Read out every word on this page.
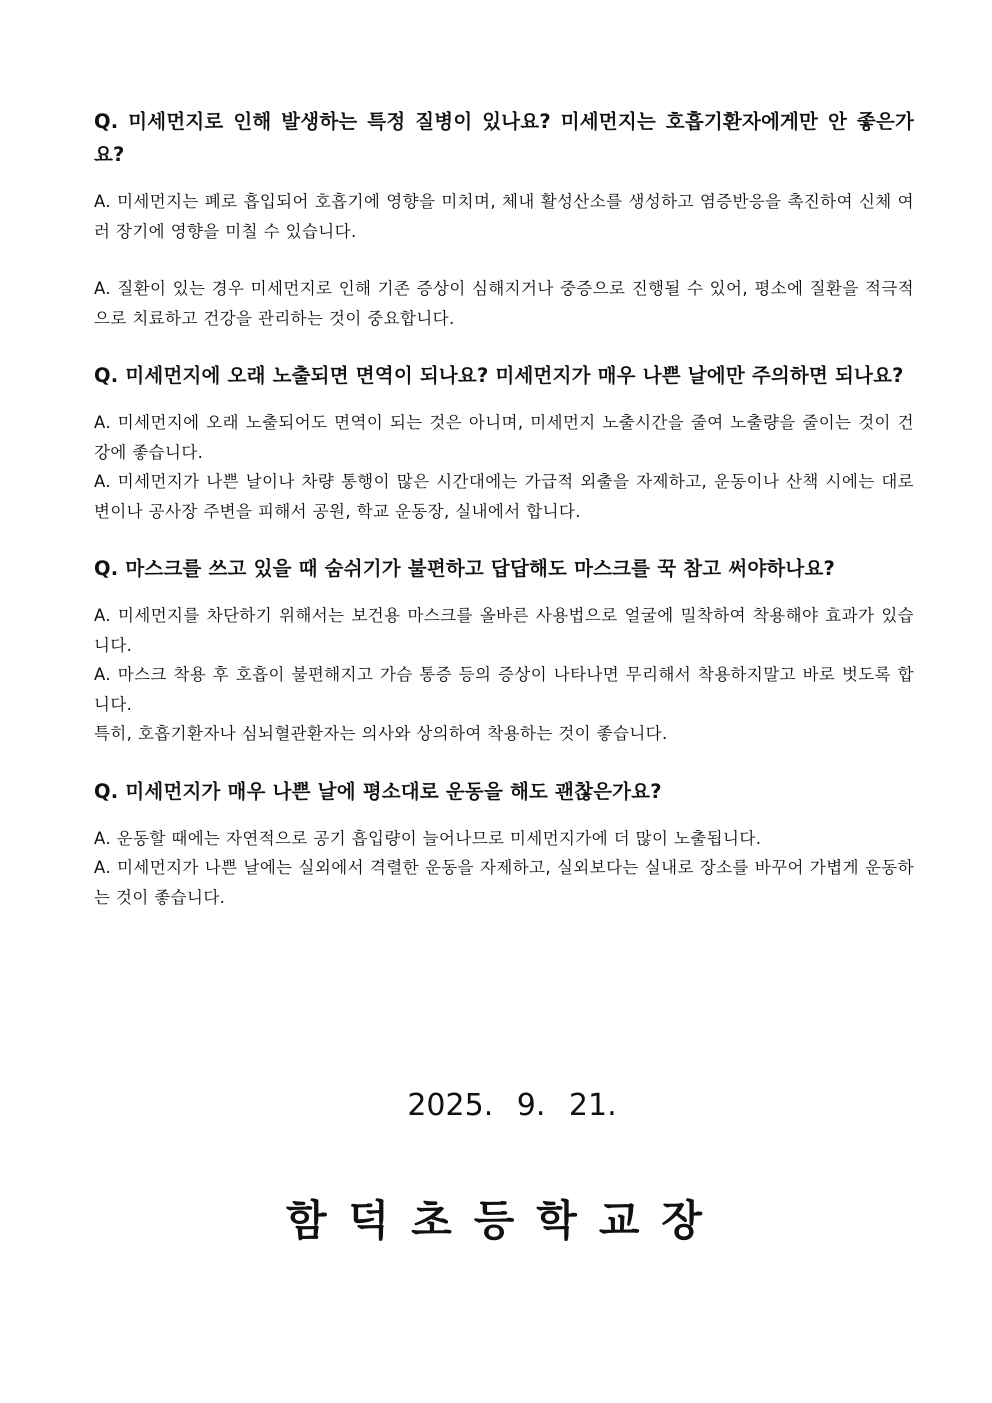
Q. 미세먼지로 인해 발생하는 특정 질병이 있나요? 미세먼지는 호흡기환자에게만 안 좋은가요?

A. 미세먼지는 폐로 흡입되어 호흡기에 영향을 미치며, 체내 활성산소를 생성하고 염증반응을 촉진하여 신체 여러 장기에 영향을 미칠 수 있습니다.

A. 질환이 있는 경우 미세먼지로 인해 기존 증상이 심해지거나 중증으로 진행될 수 있어, 평소에 질환을 적극적으로 치료하고 건강을 관리하는 것이 중요합니다.

Q. 미세먼지에 오래 노출되면 면역이 되나요? 미세먼지가 매우 나쁜 날에만 주의하면 되나요?

A. 미세먼지에 오래 노출되어도 면역이 되는 것은 아니며, 미세먼지 노출시간을 줄여 노출량을 줄이는 것이 건강에 좋습니다.

A. 미세먼지가 나쁜 날이나 차량 통행이 많은 시간대에는 가급적 외출을 자제하고, 운동이나 산책 시에는 대로변이나 공사장 주변을 피해서 공원, 학교 운동장, 실내에서 합니다.

Q. 마스크를 쓰고 있을 때 숨쉬기가 불편하고 답답해도 마스크를 꾹 참고 써야하나요?

A. 미세먼지를 차단하기 위해서는 보건용 마스크를 올바른 사용법으로 얼굴에 밀착하여 착용해야 효과가 있습니다.

A. 마스크 착용 후 호흡이 불편해지고 가슴 통증 등의 증상이 나타나면 무리해서 착용하지말고 바로 벗도록 합니다.

특히, 호흡기환자나 심뇌혈관환자는 의사와 상의하여 착용하는 것이 좋습니다.

Q. 미세먼지가 매우 나쁜 날에 평소대로 운동을 해도 괜찮은가요?

A. 운동할 때에는 자연적으로 공기 흡입량이 늘어나므로 미세먼지가에 더 많이 노출됩니다.

A. 미세먼지가 나쁜 날에는 실외에서 격렬한 운동을 자제하고, 실외보다는 실내로 장소를 바꾸어 가볍게 운동하는 것이 좋습니다.

2025. 9. 21.
함덕초등학교장
